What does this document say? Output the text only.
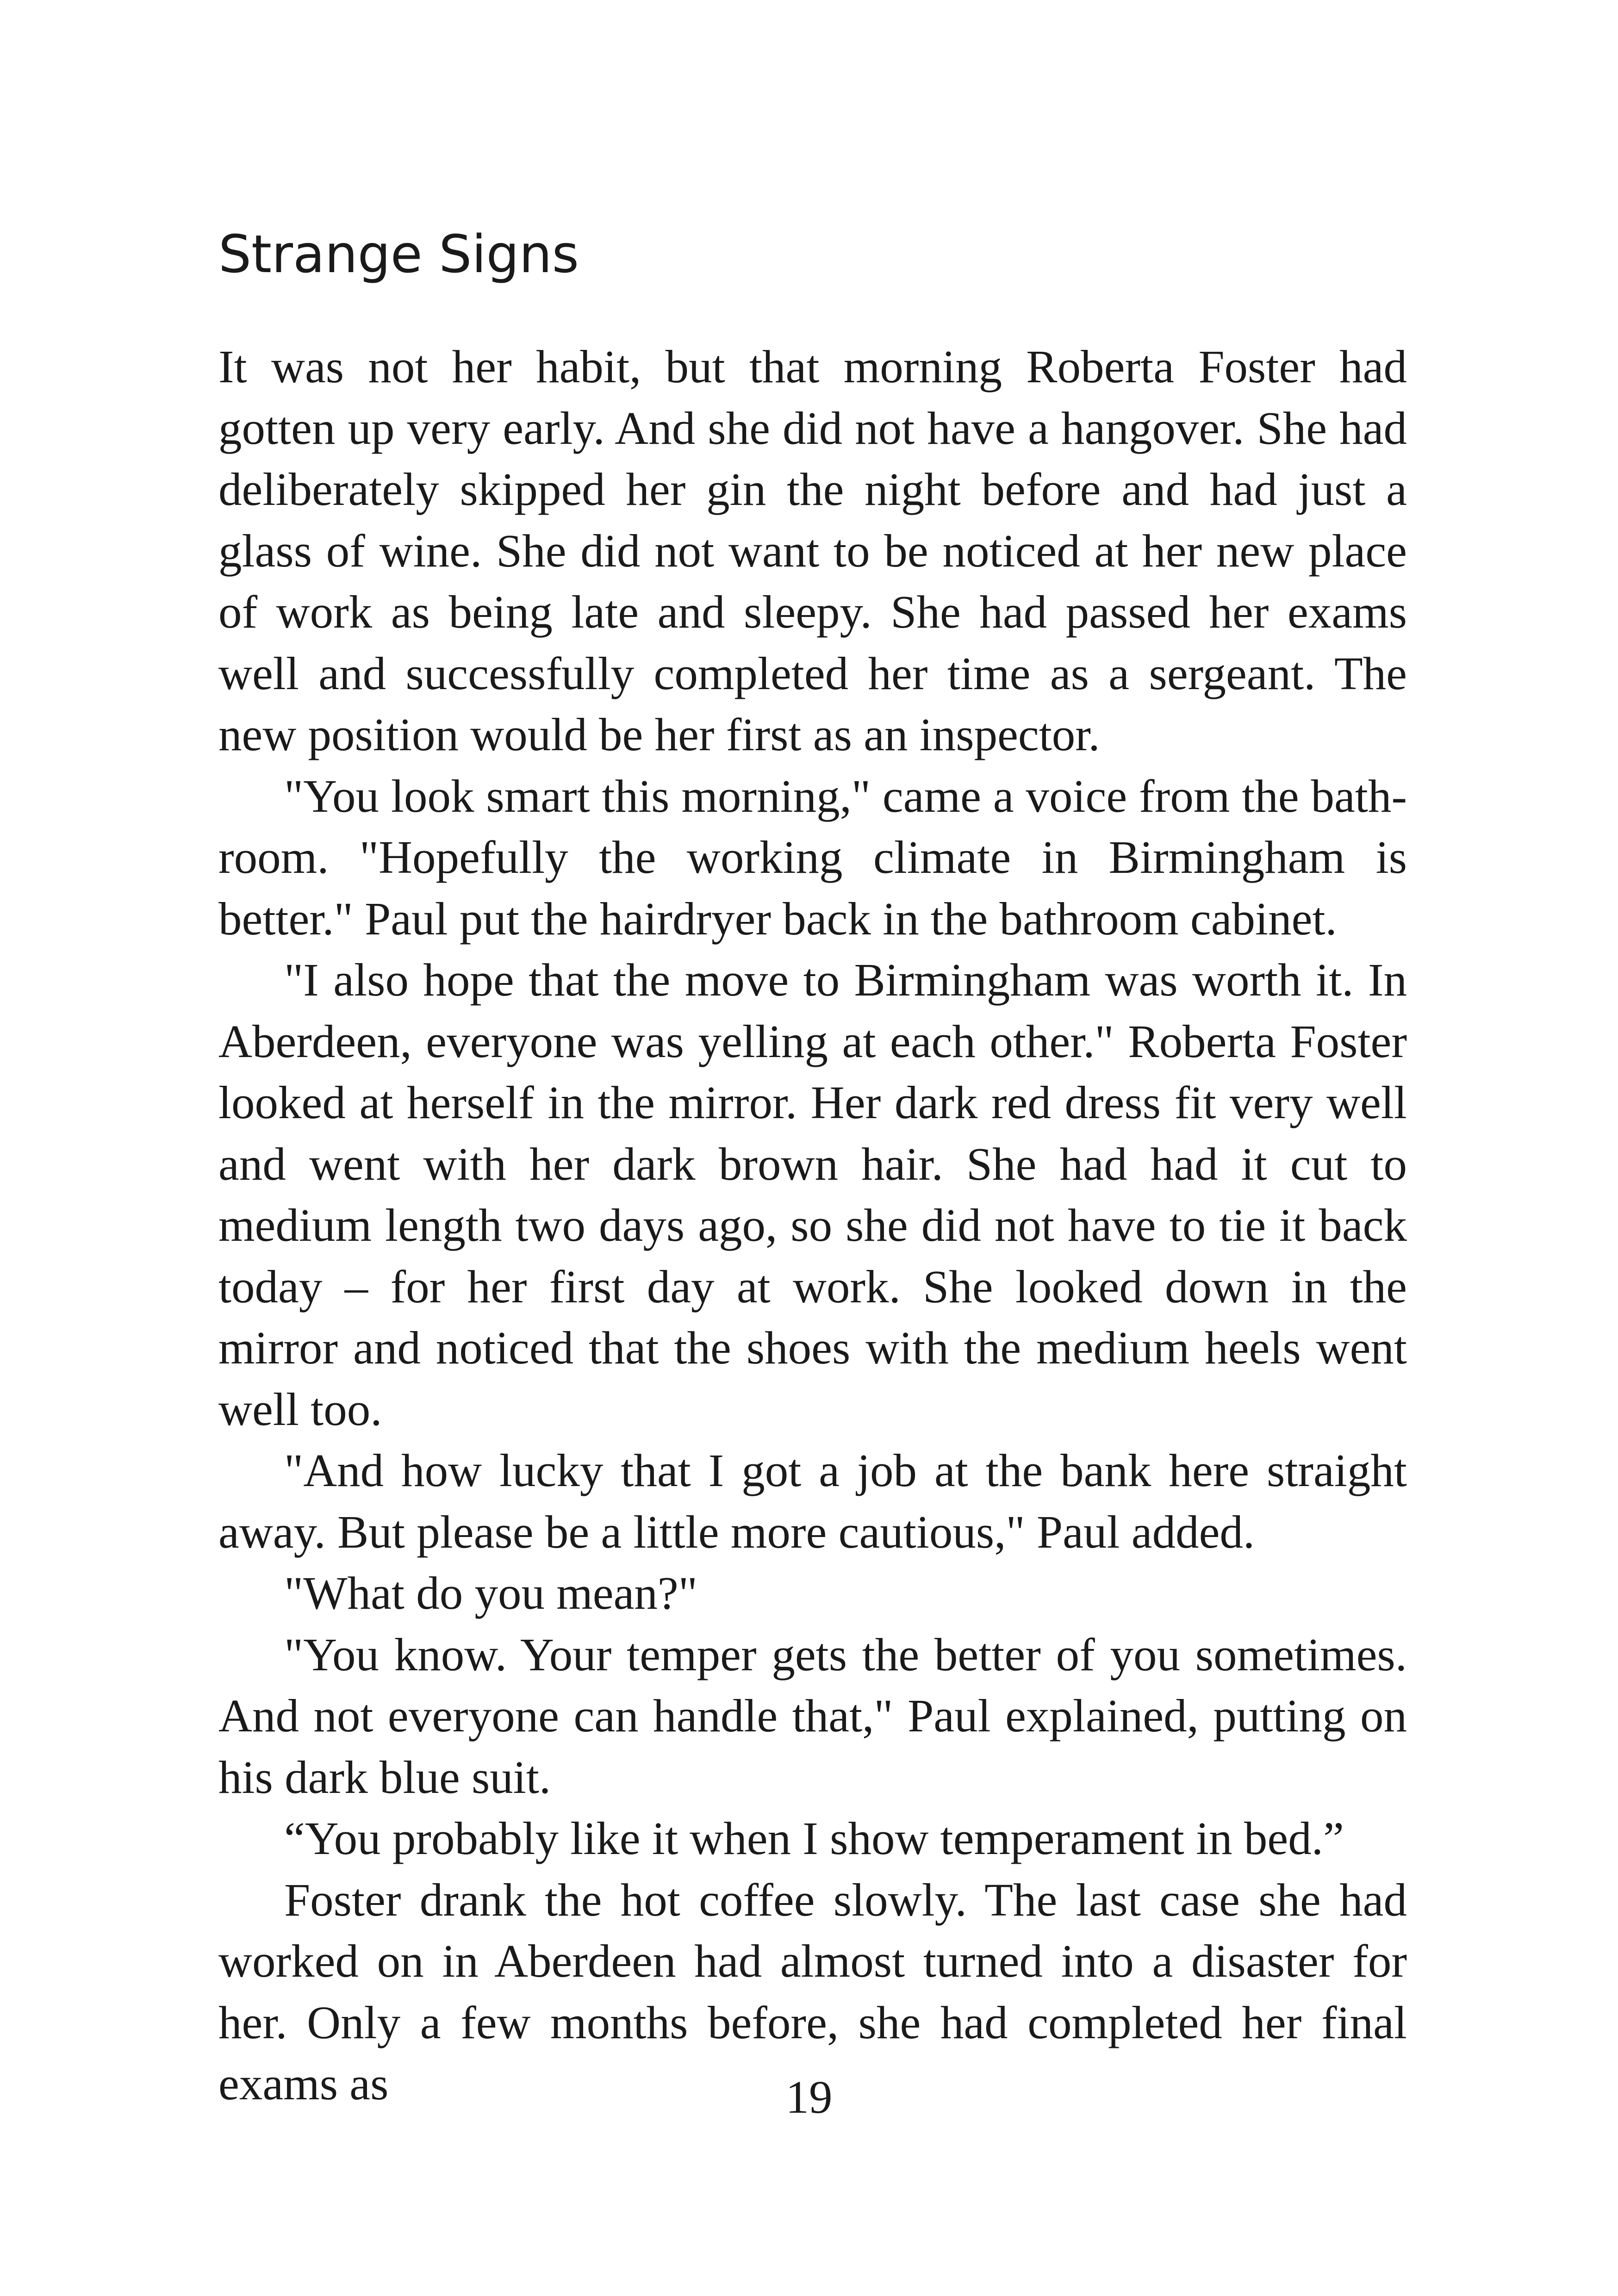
Strange Signs

It was not her habit, but that morning Roberta Foster had gotten up very early. And she did not have a hangover. She had deliberately skipped her gin the night before and had just a glass of wine. She did not want to be noticed at her new place of work as being late and sleepy. She had passed her exams well and successfully completed her time as a sergeant. The new position would be her first as an inspector.

"You look smart this morning," came a voice from the bathroom. "Hopefully the working climate in Birmingham is better." Paul put the hairdryer back in the bathroom cabinet.

"I also hope that the move to Birmingham was worth it. In Aberdeen, everyone was yelling at each other." Roberta Foster looked at herself in the mirror. Her dark red dress fit very well and went with her dark brown hair. She had had it cut to medium length two days ago, so she did not have to tie it back today – for her first day at work. She looked down in the mirror and noticed that the shoes with the medium heels went well too.

"And how lucky that I got a job at the bank here straight away. But please be a little more cautious," Paul added.

"What do you mean?"

"You know. Your temper gets the better of you sometimes. And not everyone can handle that," Paul explained, putting on his dark blue suit.

“You probably like it when I show temperament in bed.”

Foster drank the hot coffee slowly. The last case she had worked on in Aberdeen had almost turned into a disaster for her. Only a few months before, she had completed her final exams as	19
